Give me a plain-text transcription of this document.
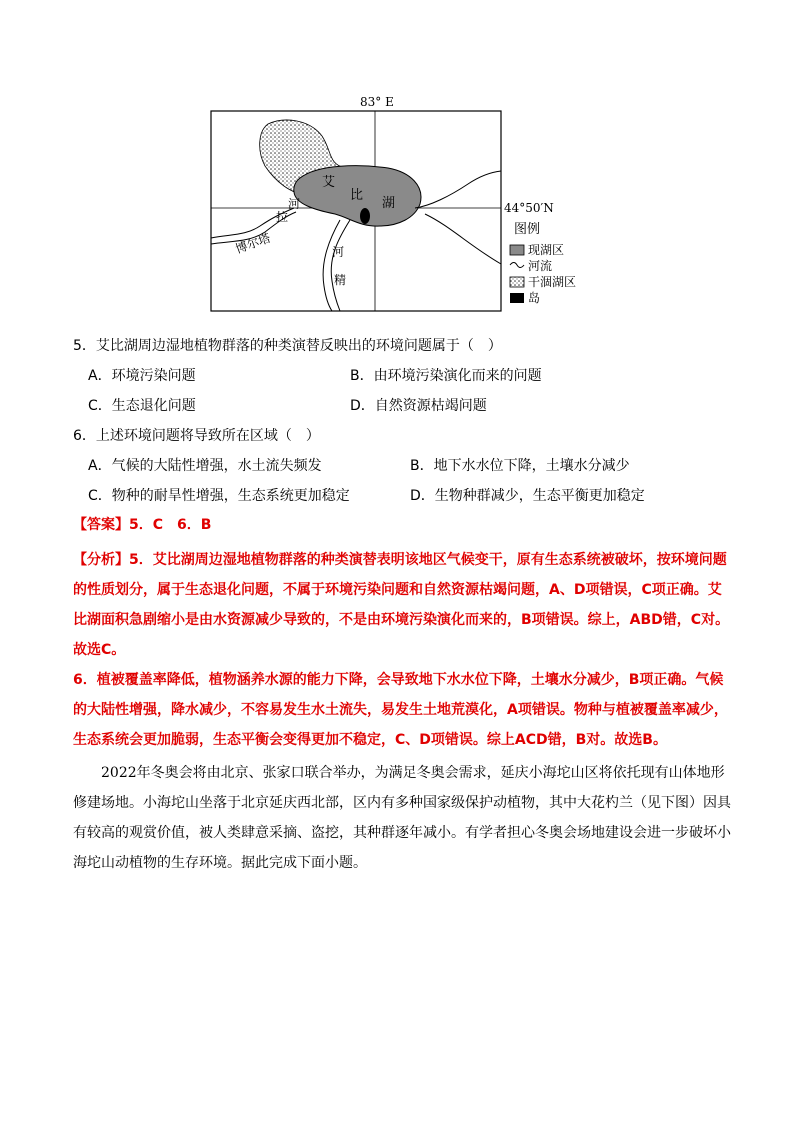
83° E
44°50′N
艾
比
湖
博尔塔
拉
河
河
精
图例
现湖区
河流
干涸湖区
岛
5．艾比湖周边湿地植物群落的种类演替反映出的环境问题属于（　）
A．环境污染问题	B．由环境污染演化而来的问题
C．生态退化问题	D．自然资源枯竭问题
6．上述环境问题将导致所在区域（　）
A．气候的大陆性增强，水土流失频发	B．地下水水位下降，土壤水分减少
C．物种的耐旱性增强，生态系统更加稳定	D．生物种群减少，生态平衡更加稳定
【答案】5．C　6．B

【分析】5．艾比湖周边湿地植物群落的种类演替表明该地区气候变干，原有生态系统被破坏，按环境问题的性质划分，属于生态退化问题，不属于环境污染问题和自然资源枯竭问题，A、D项错误，C项正确。艾比湖面积急剧缩小是由水资源减少导致的，不是由环境污染演化而来的，B项错误。综上，ABD错，C对。故选C。

6．植被覆盖率降低，植物涵养水源的能力下降，会导致地下水水位下降，土壤水分减少，B项正确。气候的大陆性增强，降水减少，不容易发生水土流失，易发生土地荒漠化，A项错误。物种与植被覆盖率减少，生态系统会更加脆弱，生态平衡会变得更加不稳定，C、D项错误。综上ACD错，B对。故选B。

2022年冬奥会将由北京、张家口联合举办，为满足冬奥会需求，延庆小海坨山区将依托现有山体地形修建场地。小海坨山坐落于北京延庆西北部，区内有多种国家级保护动植物，其中大花杓兰（见下图）因具有较高的观赏价值，被人类肆意采摘、盗挖，其种群逐年减小。有学者担心冬奥会场地建设会进一步破坏小海坨山动植物的生存环境。据此完成下面小题。
